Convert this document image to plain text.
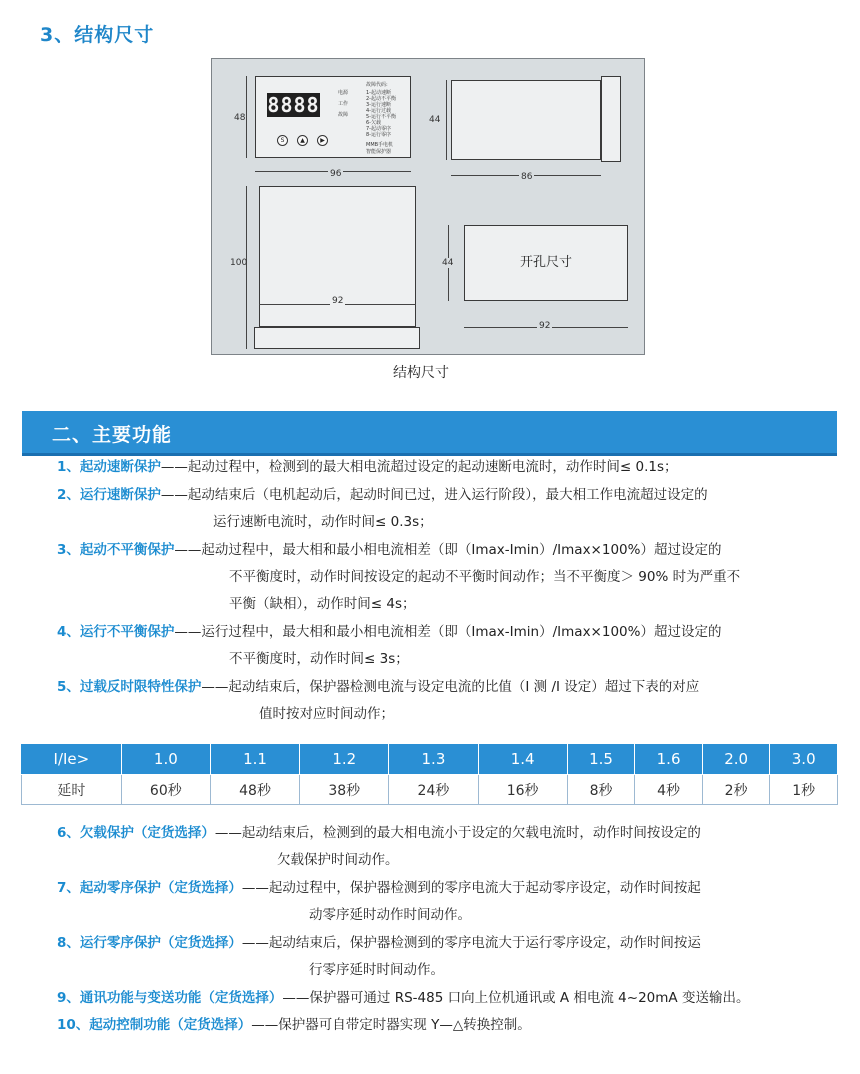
3、结构尺寸
8888	电源
工作
故障
故障代码:
1-起动速断
2-起动不平衡
3-运行速断
4-运行过载
5-运行不平衡
6-欠载
7-起动零序
8-运行零序
S	▲	▶
MMB手电机
智能保护器
48
96
44
86
100
92
开孔尺寸
44
92
结构尺寸
二、主要功能
1、起动速断保护——起动过程中，检测到的最大相电流超过设定的起动速断电流时，动作时间≤ 0.1s；
2、运行速断保护——起动结束后（电机起动后，起动时间已过，进入运行阶段），最大相工作电流超过设定的
运行速断电流时，动作时间≤ 0.3s；
3、起动不平衡保护——起动过程中，最大相和最小相电流相差（即（Imax-Imin）/Imax×100%）超过设定的
不平衡度时，动作时间按设定的起动不平衡时间动作；当不平衡度＞ 90% 时为严重不
平衡（缺相），动作时间≤ 4s；
4、运行不平衡保护——运行过程中，最大相和最小相电流相差（即（Imax-Imin）/Imax×100%）超过设定的
不平衡度时，动作时间≤ 3s；
5、过载反时限特性保护——起动结束后，保护器检测电流与设定电流的比值（I 测 /I 设定）超过下表的对应
值时按对应时间动作；
I/Ie>	1.0	1.1	1.2	1.3	1.4	1.5	1.6	2.0	3.0
延时	60秒	48秒	38秒	24秒	16秒	8秒	4秒	2秒	1秒
6、欠载保护（定货选择）——起动结束后，检测到的最大相电流小于设定的欠载电流时，动作时间按设定的
欠载保护时间动作。
7、起动零序保护（定货选择）——起动过程中，保护器检测到的零序电流大于起动零序设定，动作时间按起
动零序延时动作时间动作。
8、运行零序保护（定货选择）——起动结束后，保护器检测到的零序电流大于运行零序设定，动作时间按运
行零序延时时间动作。
9、通讯功能与变送功能（定货选择）——保护器可通过 RS-485 口向上位机通讯或 A 相电流 4~20mA 变送输出。
10、起动控制功能（定货选择）——保护器可自带定时器实现 Y—△转换控制。
